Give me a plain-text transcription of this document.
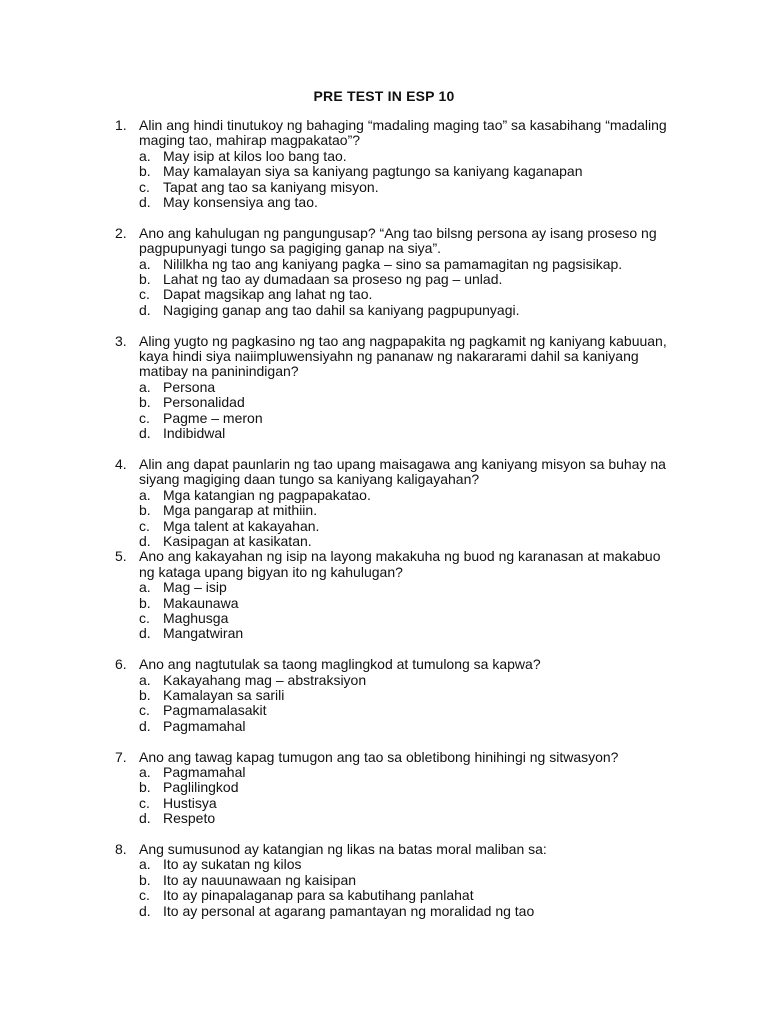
PRE TEST IN ESP 10
1. Alin ang hindi tinutukoy ng bahaging “madaling maging tao” sa kasabihang “madaling maging tao, mahirap magpakatao”?
a. May isip at kilos loo bang tao.
b. May kamalayan siya sa kaniyang pagtungo sa kaniyang kaganapan
c. Tapat ang tao sa kaniyang misyon.
d. May konsensiya ang tao.
2. Ano ang kahulugan ng pangungusap? “Ang tao bilsng persona ay isang proseso ng pagpupunyagi tungo sa pagiging ganap na siya”.
a. Nililkha ng tao ang kaniyang pagka – sino sa pamamagitan ng pagsisikap.
b. Lahat ng tao ay dumadaan sa proseso ng pag – unlad.
c. Dapat magsikap ang lahat ng tao.
d. Nagiging ganap ang tao dahil sa kaniyang pagpupunyagi.
3. Aling yugto ng pagkasino ng tao ang nagpapakita ng pagkamit ng kaniyang kabuuan, kaya hindi siya naiimpluwensiyahn ng pananaw ng nakararami dahil sa kaniyang matibay na paninindigan?
a. Persona
b. Personalidad
c. Pagme – meron
d. Indibidwal
4. Alin ang dapat paunlarin ng tao upang maisagawa ang kaniyang misyon sa buhay na siyang magiging daan tungo sa kaniyang kaligayahan?
a. Mga katangian ng pagpapakatao.
b. Mga pangarap at mithiin.
c. Mga talent at kakayahan.
d. Kasipagan at kasikatan.
5. Ano ang kakayahan ng isip na layong makakuha ng buod ng karanasan at makabuo ng kataga upang bigyan ito ng kahulugan?
a. Mag – isip
b. Makaunawa
c. Maghusga
d. Mangatwiran
6. Ano ang nagtutulak sa taong maglingkod at tumulong sa kapwa?
a. Kakayahang mag – abstraksiyon
b. Kamalayan sa sarili
c. Pagmamalasakit
d. Pagmamahal
7. Ano ang tawag kapag tumugon ang tao sa obletibong hinihingi ng sitwasyon?
a. Pagmamahal
b. Paglilingkod
c. Hustisya
d. Respeto
8. Ang sumusunod ay katangian ng likas na batas moral maliban sa:
a. Ito ay sukatan ng kilos
b. Ito ay nauunawaan ng kaisipan
c. Ito ay pinapalaganap para sa kabutihang panlahat
d. Ito ay personal at agarang pamantayan ng moralidad ng tao
